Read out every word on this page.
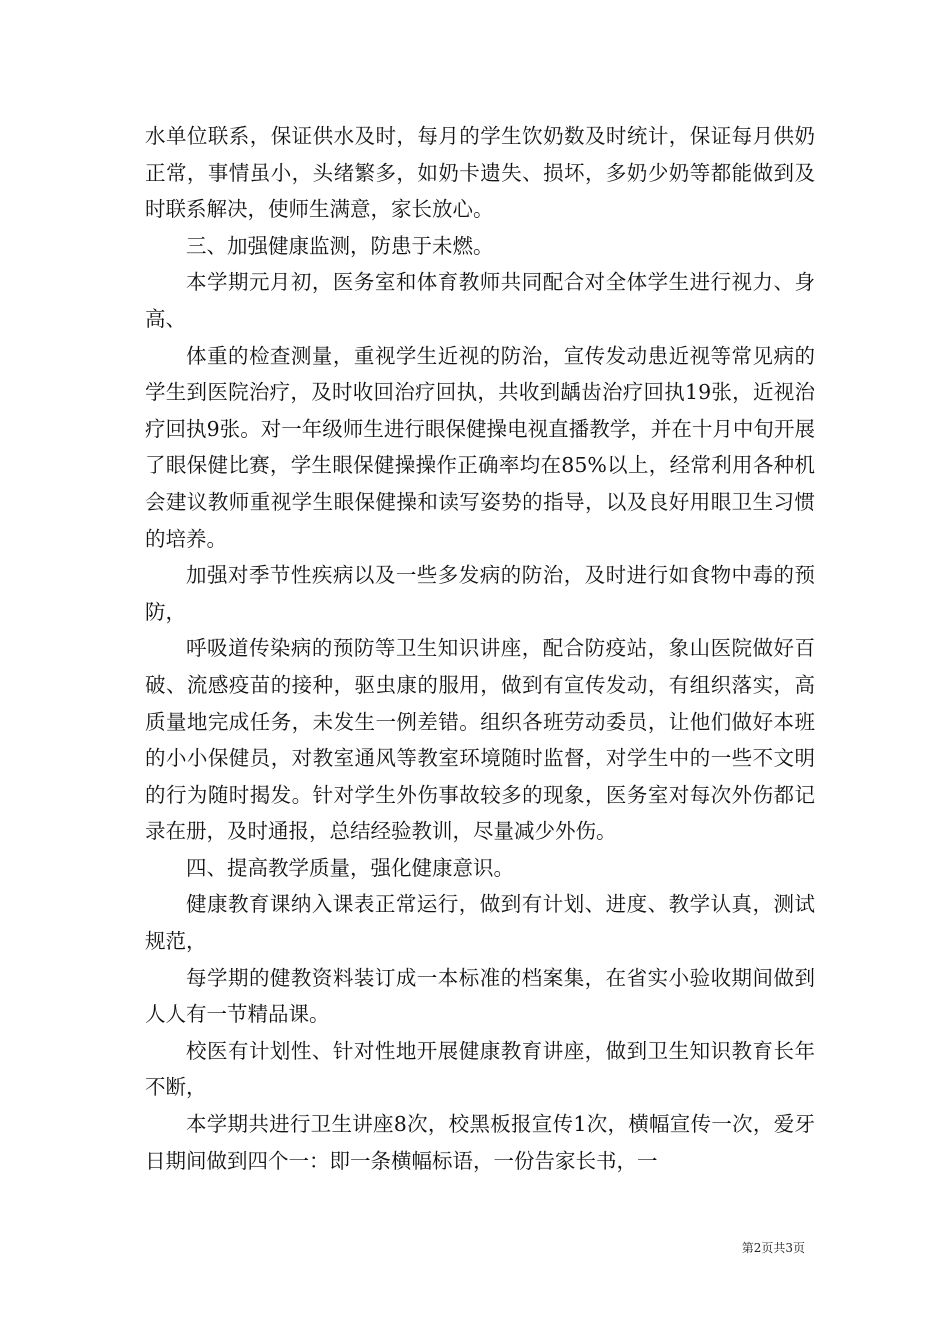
水单位联系，保证供水及时，每月的学生饮奶数及时统计，保证每月供奶正常，事情虽小，头绪繁多，如奶卡遗失、损坏，多奶少奶等都能做到及时联系解决，使师生满意，家长放心。

三、加强健康监测，防患于未燃。

本学期元月初，医务室和体育教师共同配合对全体学生进行视力、身高、

体重的检查测量，重视学生近视的防治，宣传发动患近视等常见病的学生到医院治疗，及时收回治疗回执，共收到龋齿治疗回执19张，近视治疗回执9张。对一年级师生进行眼保健操电视直播教学，并在十月中旬开展了眼保健比赛，学生眼保健操操作正确率均在85%以上，经常利用各种机会建议教师重视学生眼保健操和读写姿势的指导，以及良好用眼卫生习惯的培养。

加强对季节性疾病以及一些多发病的防治，及时进行如食物中毒的预防，

呼吸道传染病的预防等卫生知识讲座，配合防疫站，象山医院做好百破、流感疫苗的接种，驱虫康的服用，做到有宣传发动，有组织落实，高质量地完成任务，未发生一例差错。组织各班劳动委员，让他们做好本班的小小保健员，对教室通风等教室环境随时监督，对学生中的一些不文明的行为随时揭发。针对学生外伤事故较多的现象，医务室对每次外伤都记录在册，及时通报，总结经验教训，尽量减少外伤。

四、提高教学质量，强化健康意识。

健康教育课纳入课表正常运行，做到有计划、进度、教学认真，测试规范，

每学期的健教资料装订成一本标准的档案集，在省实小验收期间做到人人有一节精品课。

校医有计划性、针对性地开展健康教育讲座，做到卫生知识教育长年不断，

本学期共进行卫生讲座8次，校黑板报宣传1次，横幅宣传一次，爱牙日期间做到四个一：即一条横幅标语，一份告家长书，一

第2页共3页
